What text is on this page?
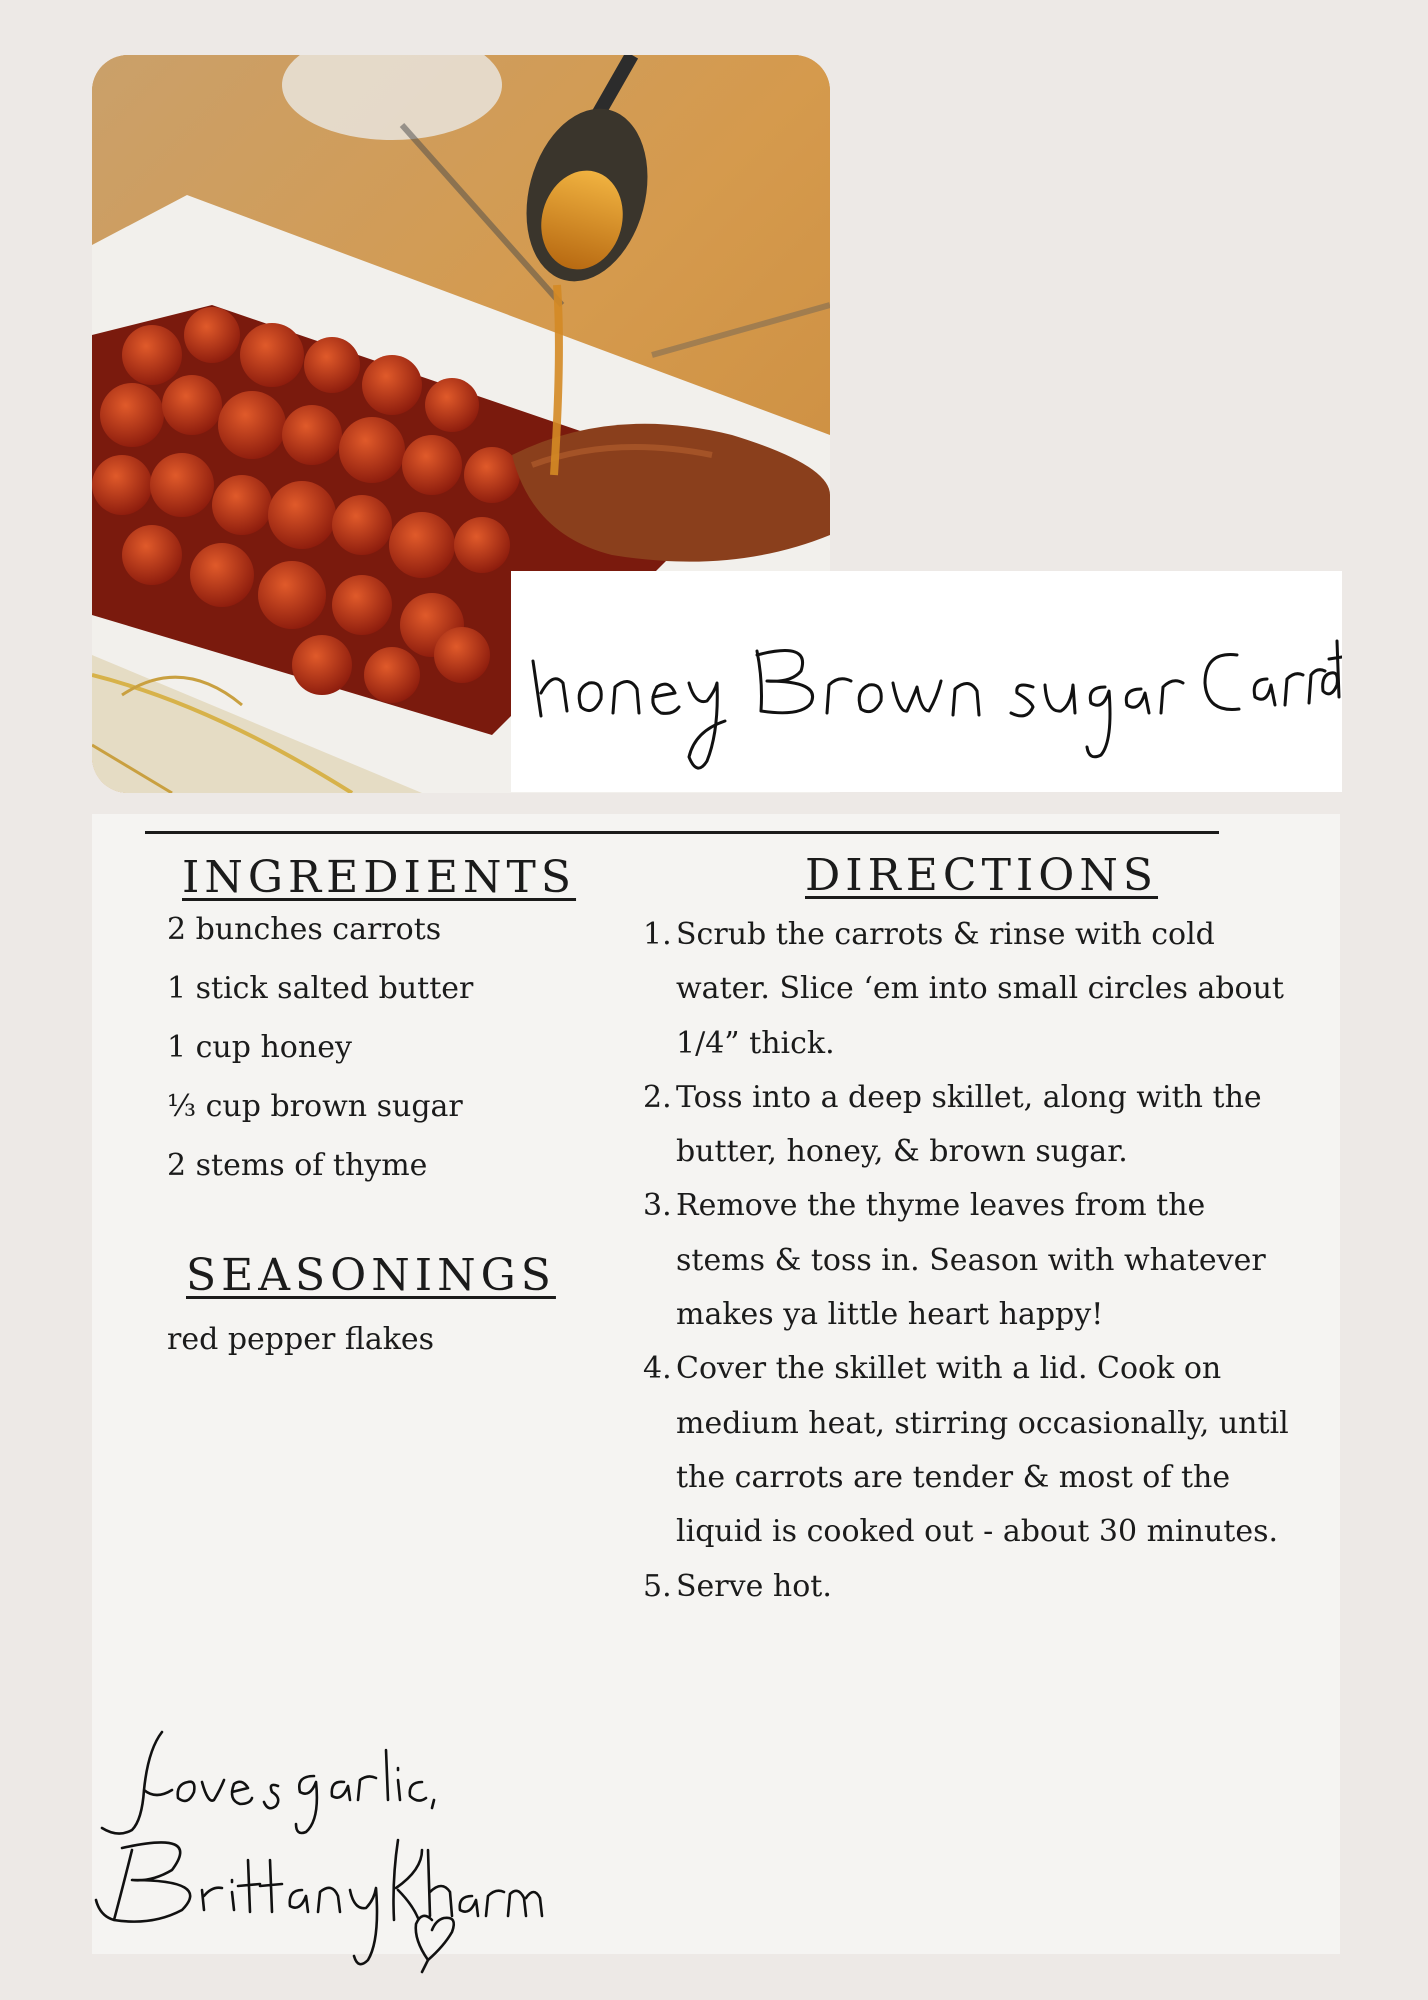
INGREDIENTS
2 bunches carrots
1 stick salted butter
1 cup honey
⅓ cup brown sugar
2 stems of thyme
SEASONINGS
red pepper flakes
DIRECTIONS
1. Scrub the carrots & rinse with cold water. Slice ‘em into small circles about 1/4” thick.
2. Toss into a deep skillet, along with the butter, honey, & brown sugar.
3. Remove the thyme leaves from the stems & toss in. Season with whatever makes ya little heart happy!
4. Cover the skillet with a lid. Cook on medium heat, stirring occasionally, until the carrots are tender & most of the liquid is cooked out - about 30 minutes.
5. Serve hot.
